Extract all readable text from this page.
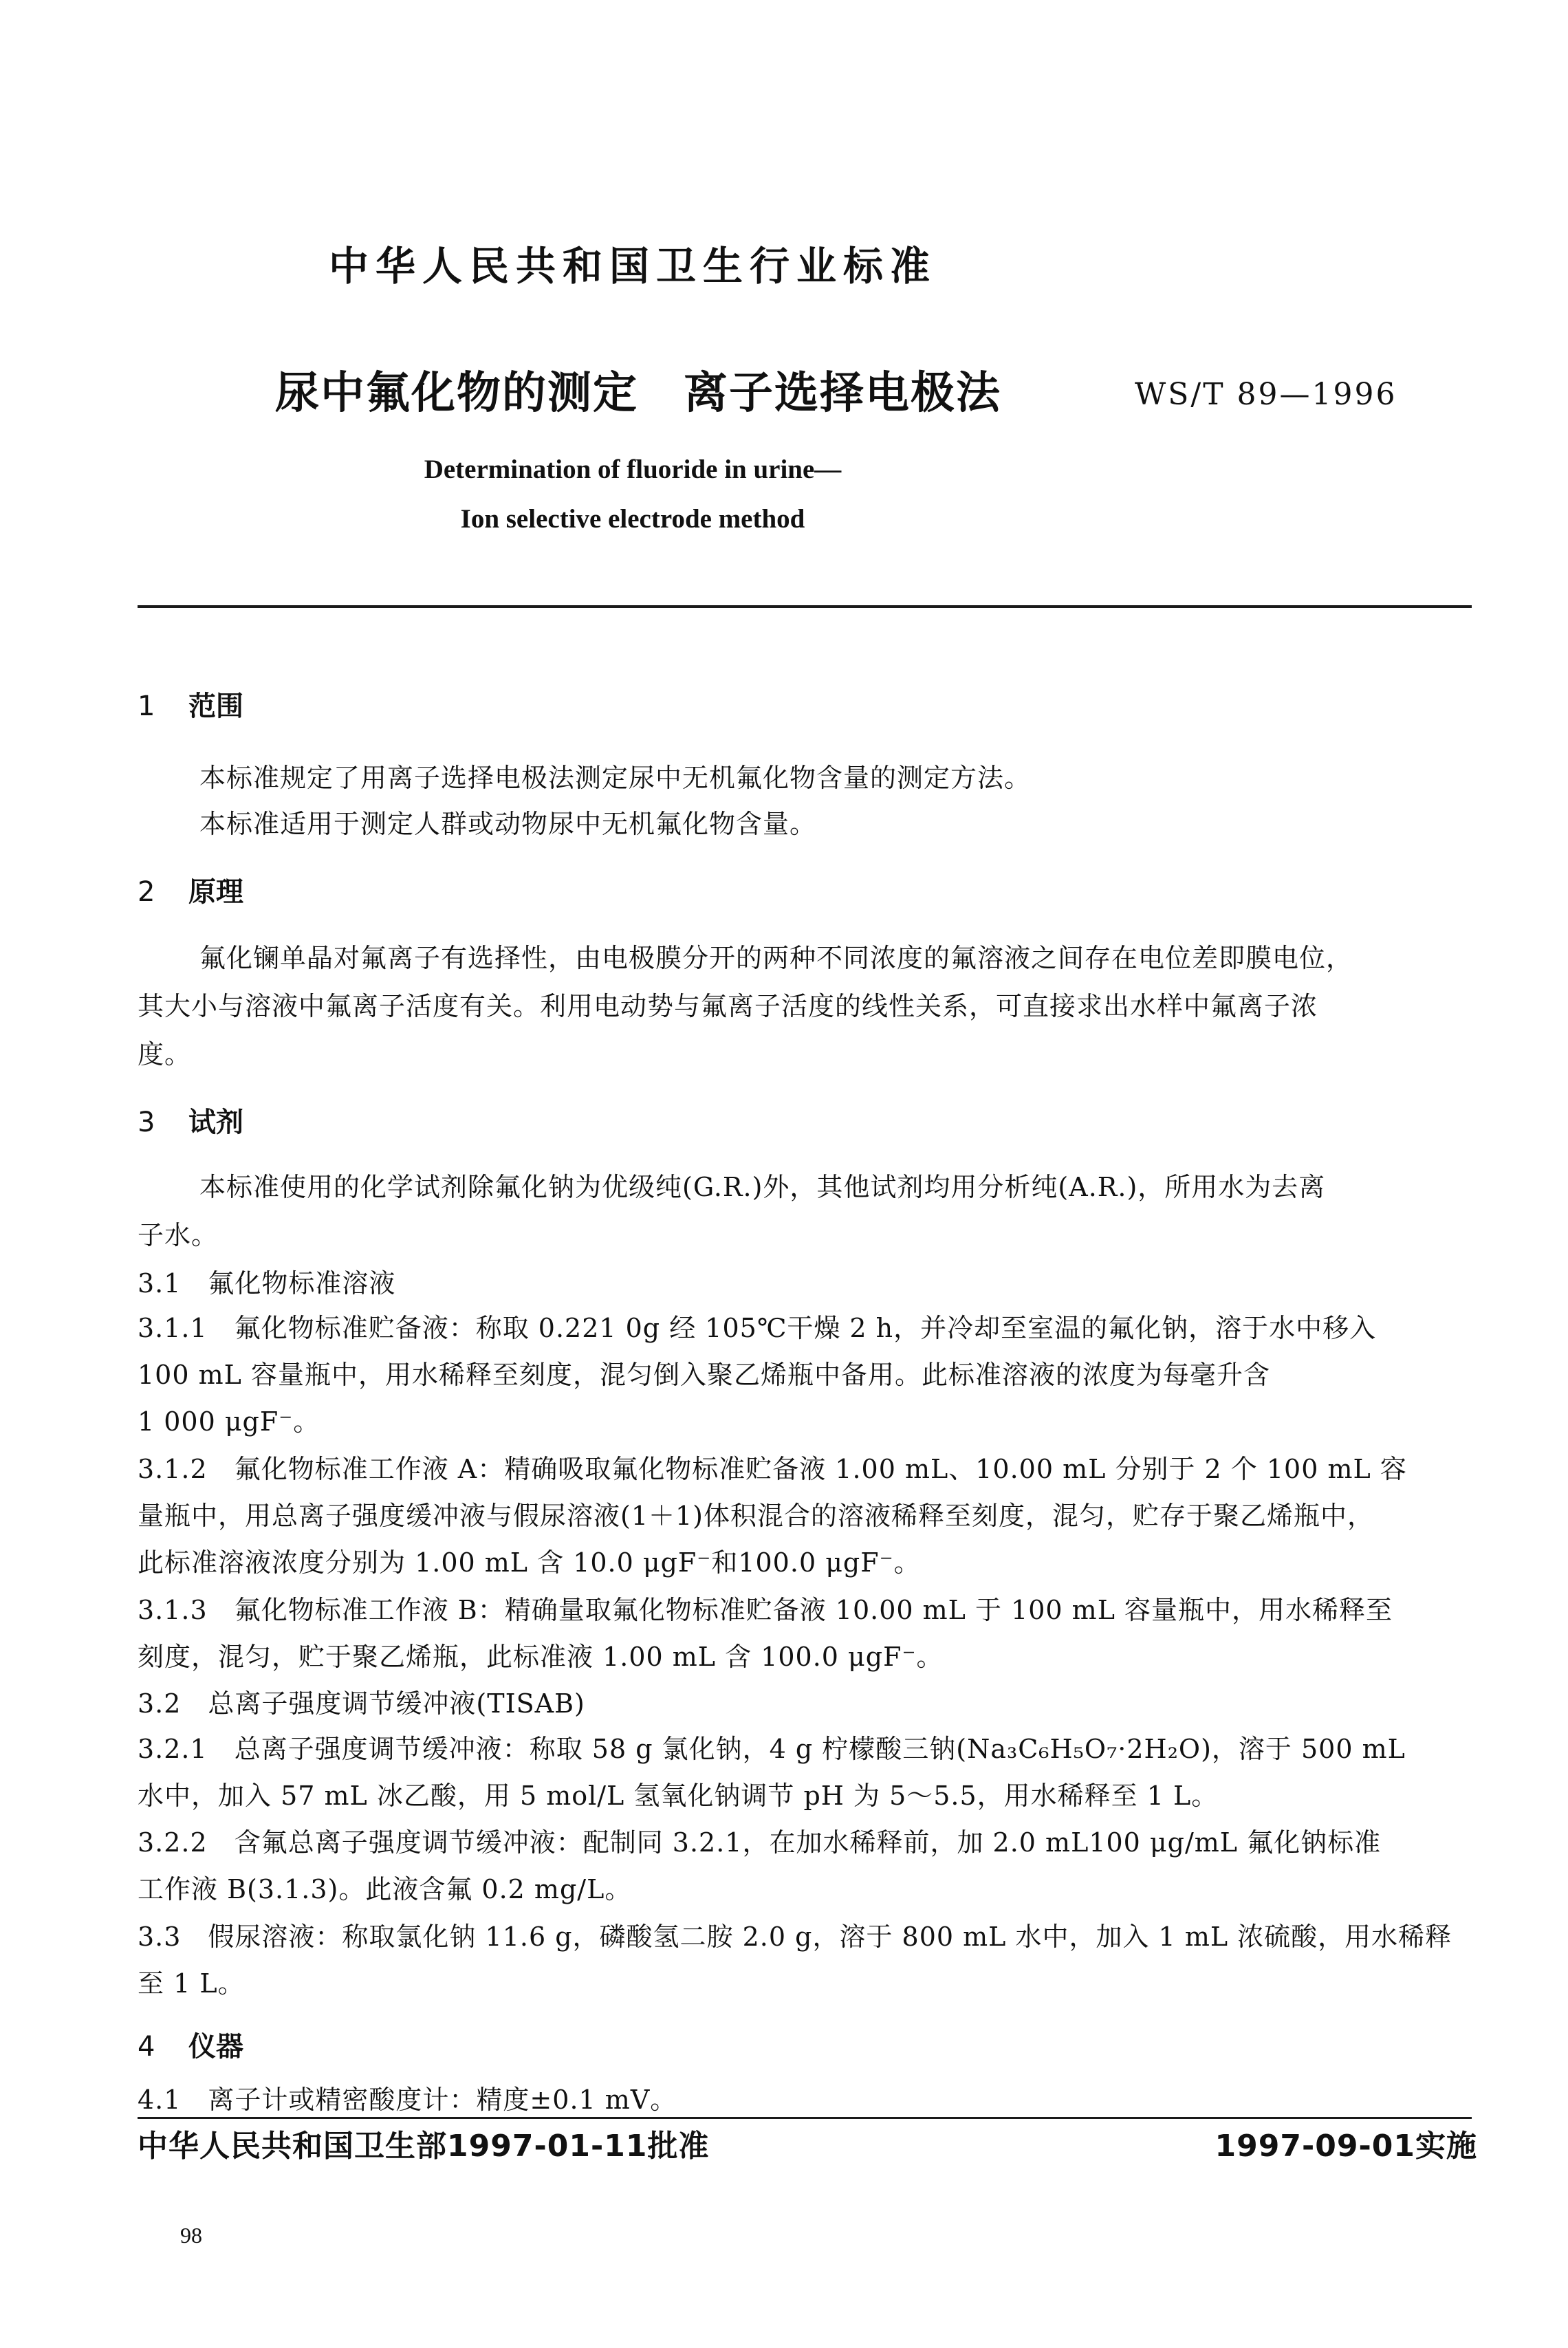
中华人民共和国卫生行业标准
尿中氟化物的测定　离子选择电极法	WS/T 89—1996
Determination of fluoride in urine—
Ion selective electrode method
1 范围
本标准规定了用离子选择电极法测定尿中无机氟化物含量的测定方法。
本标准适用于测定人群或动物尿中无机氟化物含量。
2 原理
氟化镧单晶对氟离子有选择性，由电极膜分开的两种不同浓度的氟溶液之间存在电位差即膜电位，
其大小与溶液中氟离子活度有关。利用电动势与氟离子活度的线性关系，可直接求出水样中氟离子浓
度。
3 试剂
本标准使用的化学试剂除氟化钠为优级纯(G.R.)外，其他试剂均用分析纯(A.R.)，所用水为去离
子水。
3.1　氟化物标准溶液
3.1.1　氟化物标准贮备液：称取 0.221 0g 经 105℃干燥 2 h，并冷却至室温的氟化钠，溶于水中移入
100 mL 容量瓶中，用水稀释至刻度，混匀倒入聚乙烯瓶中备用。此标准溶液的浓度为每毫升含
1 000 μgF⁻。
3.1.2　氟化物标准工作液 A：精确吸取氟化物标准贮备液 1.00 mL、10.00 mL 分别于 2 个 100 mL 容
量瓶中，用总离子强度缓冲液与假尿溶液(1＋1)体积混合的溶液稀释至刻度，混匀，贮存于聚乙烯瓶中，
此标准溶液浓度分别为 1.00 mL 含 10.0 μgF⁻和100.0 μgF⁻。
3.1.3　氟化物标准工作液 B：精确量取氟化物标准贮备液 10.00 mL 于 100 mL 容量瓶中，用水稀释至
刻度，混匀，贮于聚乙烯瓶，此标准液 1.00 mL 含 100.0 μgF⁻。
3.2　总离子强度调节缓冲液(TISAB)
3.2.1　总离子强度调节缓冲液：称取 58 g 氯化钠，4 g 柠檬酸三钠(Na₃C₆H₅O₇·2H₂O)，溶于 500 mL
水中，加入 57 mL 冰乙酸，用 5 mol/L 氢氧化钠调节 pH 为 5～5.5，用水稀释至 1 L。
3.2.2　含氟总离子强度调节缓冲液：配制同 3.2.1，在加水稀释前，加 2.0 mL100 μg/mL 氟化钠标准
工作液 B(3.1.3)。此液含氟 0.2 mg/L。
3.3　假尿溶液：称取氯化钠 11.6 g，磷酸氢二胺 2.0 g，溶于 800 mL 水中，加入 1 mL 浓硫酸，用水稀释
至 1 L。
4 仪器
4.1　离子计或精密酸度计：精度±0.1 mV。
中华人民共和国卫生部1997-01-11批准	1997-09-01实施
98
